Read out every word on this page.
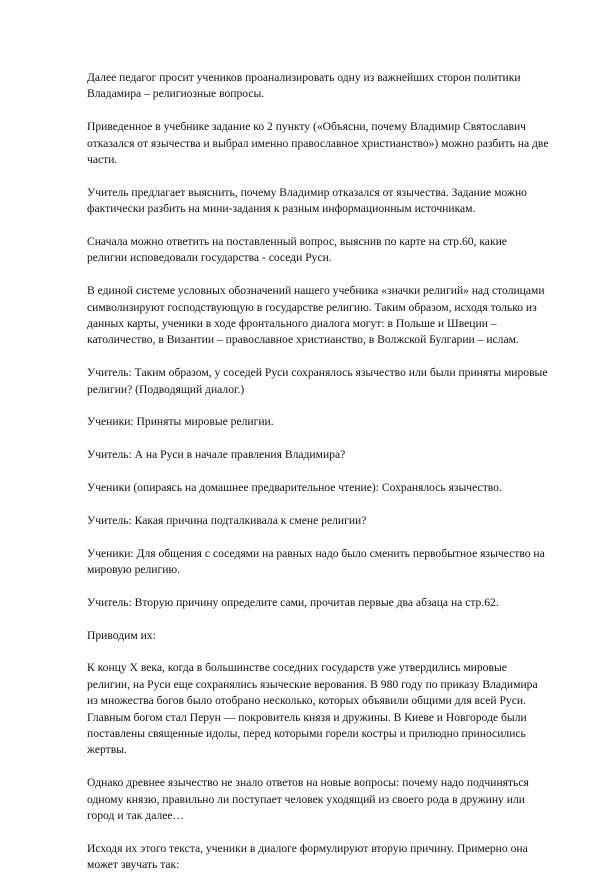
Далее педагог просит учеников проанализировать одну из важнейших сторон политики Владамира – религиозные вопросы.

Приведенное в учебнике задание ко 2 пункту («Объясни, почему Владимир Святославич отказался от язычества и выбрал именно православное христианство») можно разбить на две части.

Учитель предлагает выяснить, почему Владимир отказался от язычества. Задание можно фактически разбить на мини-задания к разным информационным источникам.

Сначала можно ответить на поставленный вопрос, выяснив по карте на стр.60, какие религии исповедовали государства - соседи Руси.

В единой системе условных обозначений нашего учебника «значки религий» над столицами символизируют господствующую в государстве религию. Таким образом, исходя только из данных карты, ученики в ходе фронтального диалога могут: в Польше и Швеции – католичество, в Византии – православное христианство, в Волжской Булгарии – ислам.

Учитель: Таким образом, у соседей Руси сохранялось язычество или были приняты мировые религии? (Подводящий диалог.)

Ученики: Приняты мировые религии.

Учитель: А на Руси в начале правления Владимира?

Ученики (опираясь на домашнее предварительное чтение): Сохранялось язычество.

Учитель: Какая причина подталкивала к смене религии?

Ученики: Для общения с соседями на равных надо было сменить первобытное язычество на мировую религию.

Учитель: Вторую причину определите сами, прочитав первые два абзаца на стр.62.

Приводим их:

К концу X века, когда в большинстве соседних государств уже утвердились мировые религии, на Руси еще сохранялись языческие верования. В 980 году по приказу Владимира из множества богов было отобрано несколько, которых объявили общими для всей Руси. Главным богом стал Перун — покровитель князя и дружины. В Киеве и Новгороде были поставлены священные идолы, перед которыми горели костры и прилюдно приносились жертвы.

Однако древнее язычество не знало ответов на новые вопросы: почему надо подчиняться одному князю, правильно ли поступает человек уходящий из своего рода в дружину или город и так далее…

Исходя их этого текста, ученики в диалоге формулируют вторую причину. Примерно она может звучать так:
